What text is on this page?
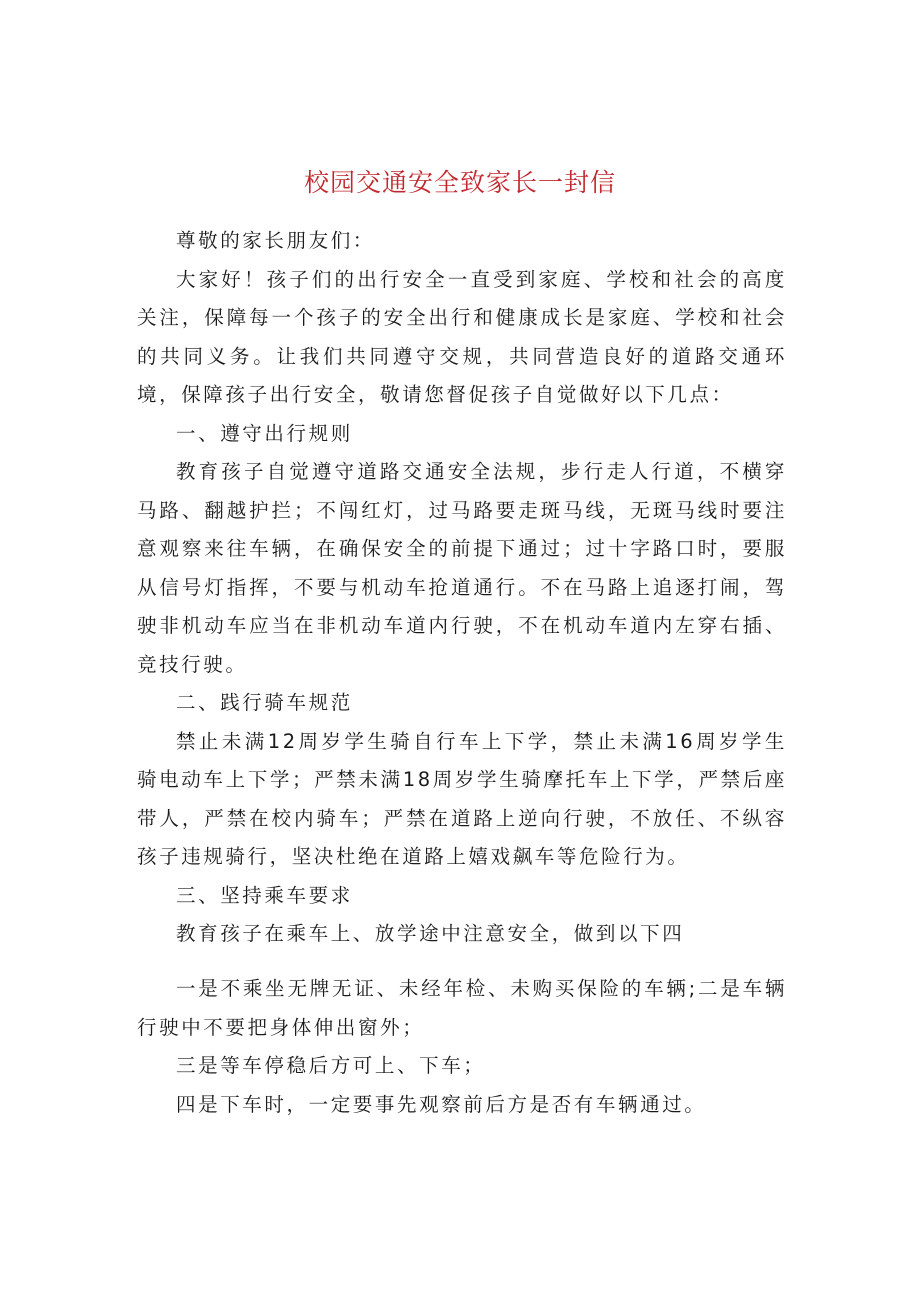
校园交通安全致家长一封信

尊敬的家长朋友们：

大家好！孩子们的出行安全一直受到家庭、学校和社会的高度关注，保障每一个孩子的安全出行和健康成长是家庭、学校和社会的共同义务。让我们共同遵守交规，共同营造良好的道路交通环境，保障孩子出行安全，敬请您督促孩子自觉做好以下几点：

一、遵守出行规则

教育孩子自觉遵守道路交通安全法规，步行走人行道，不横穿马路、翻越护拦；不闯红灯，过马路要走斑马线，无斑马线时要注意观察来往车辆，在确保安全的前提下通过；过十字路口时，要服从信号灯指挥，不要与机动车抢道通行。不在马路上追逐打闹，驾驶非机动车应当在非机动车道内行驶，不在机动车道内左穿右插、竞技行驶。

二、践行骑车规范

禁止未满12周岁学生骑自行车上下学，禁止未满16周岁学生骑电动车上下学；严禁未满18周岁学生骑摩托车上下学，严禁后座带人，严禁在校内骑车；严禁在道路上逆向行驶，不放任、不纵容孩子违规骑行，坚决杜绝在道路上嬉戏飙车等危险行为。

三、坚持乘车要求

教育孩子在乘车上、放学途中注意安全，做到以下四

一是不乘坐无牌无证、未经年检、未购买保险的车辆;二是车辆行驶中不要把身体伸出窗外；

三是等车停稳后方可上、下车；

四是下车时，一定要事先观察前后方是否有车辆通过。
